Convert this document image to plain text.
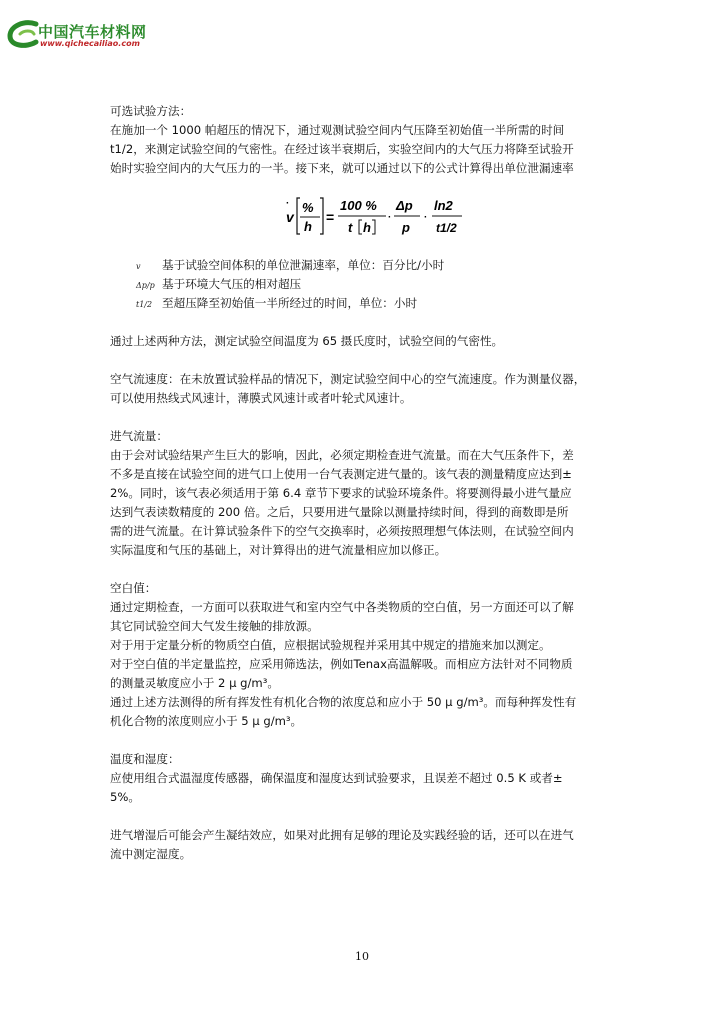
中国汽车材料网
www.qichecailiao.com

可选试验方法：

在施加一个 1000 帕超压的情况下，通过观测试验空间内气压降至初始值一半所需的时间

t1/2，来测定试验空间的气密性。在经过该半衰期后，实验空间内的大气压力将降至试验开

始时实验空间内的大气压力的一半。接下来，就可以通过以下的公式计算得出单位泄漏速率

v
· %
h
=
100 %
t h
·
Δp
p
·
ln2
t1/2
v	基于试验空间体积的单位泄漏速率，单位：百分比/小时
Δp/p 基于环境大气压的相对超压
t1/2 至超压降至初始值一半所经过的时间，单位：小时

通过上述两种方法，测定试验空间温度为 65 摄氏度时，试验空间的气密性。

空气流速度：在未放置试验样品的情况下，测定试验空间中心的空气流速度。作为测量仪器，

可以使用热线式风速计，薄膜式风速计或者叶轮式风速计。

进气流量：

由于会对试验结果产生巨大的影响，因此，必须定期检查进气流量。而在大气压条件下，差

不多是直接在试验空间的进气口上使用一台气表测定进气量的。该气表的测量精度应达到±

2%。同时，该气表必须适用于第 6.4 章节下要求的试验环境条件。将要测得最小进气量应

达到气表读数精度的 200 倍。之后，只要用进气量除以测量持续时间，得到的商数即是所

需的进气流量。在计算试验条件下的空气交换率时，必须按照理想气体法则，在试验空间内

实际温度和气压的基础上，对计算得出的进气流量相应加以修正。

空白值：

通过定期检查，一方面可以获取进气和室内空气中各类物质的空白值，另一方面还可以了解

其它同试验空间大气发生接触的排放源。

对于用于定量分析的物质空白值，应根据试验规程并采用其中规定的措施来加以测定。

对于空白值的半定量监控，应采用筛选法，例如Tenax高温解吸。而相应方法针对不同物质

的测量灵敏度应小于 2 μ g/m³。

通过上述方法测得的所有挥发性有机化合物的浓度总和应小于 50 μ g/m³。而每种挥发性有

机化合物的浓度则应小于 5 μ g/m³。

温度和湿度：

应使用组合式温湿度传感器，确保温度和湿度达到试验要求，且误差不超过 0.5 K 或者±

5%。

进气增湿后可能会产生凝结效应，如果对此拥有足够的理论及实践经验的话，还可以在进气

流中测定湿度。

10
